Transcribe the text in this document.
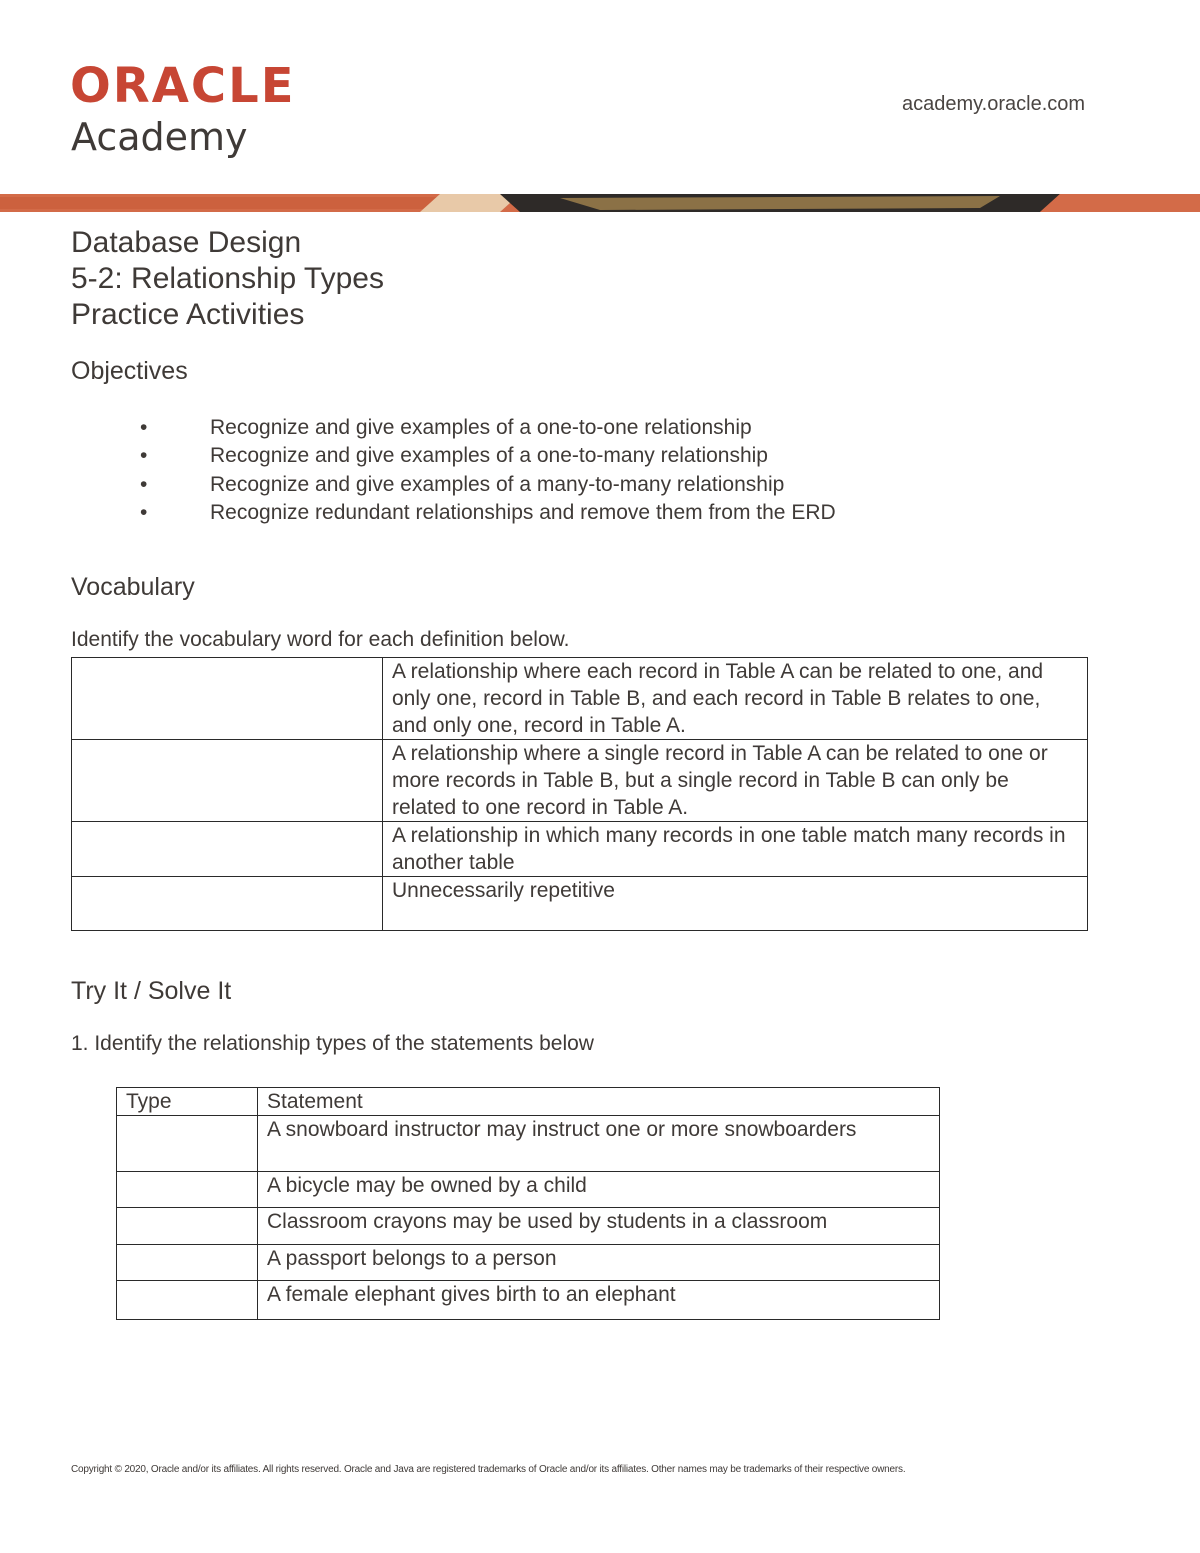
ORACLE
Academy
academy.oracle.com
Database Design
5-2: Relationship Types
Practice Activities
Objectives
•	Recognize and give examples of a one-to-one relationship
•	Recognize and give examples of a one-to-many relationship
•	Recognize and give examples of a many-to-many relationship
•	Recognize redundant relationships and remove them from the ERD
Vocabulary
Identify the vocabulary word for each definition below.
	A relationship where each record in Table A can be related to one, and only one, record in Table B, and each record in Table B relates to one, and only one, record in Table A.
	A relationship where a single record in Table A can be related to one or more records in Table B, but a single record in Table B can only be related to one record in Table A.
	A relationship in which many records in one table match many records in another table
	Unnecessarily repetitive
Try It / Solve It
1. Identify the relationship types of the statements below
Type	Statement
	A snowboard instructor may instruct one or more snowboarders
	A bicycle may be owned by a child
	Classroom crayons may be used by students in a classroom
	A passport belongs to a person
	A female elephant gives birth to an elephant
Copyright © 2020, Oracle and/or its affiliates. All rights reserved. Oracle and Java are registered trademarks of Oracle and/or its affiliates. Other names may be trademarks of their respective owners.
